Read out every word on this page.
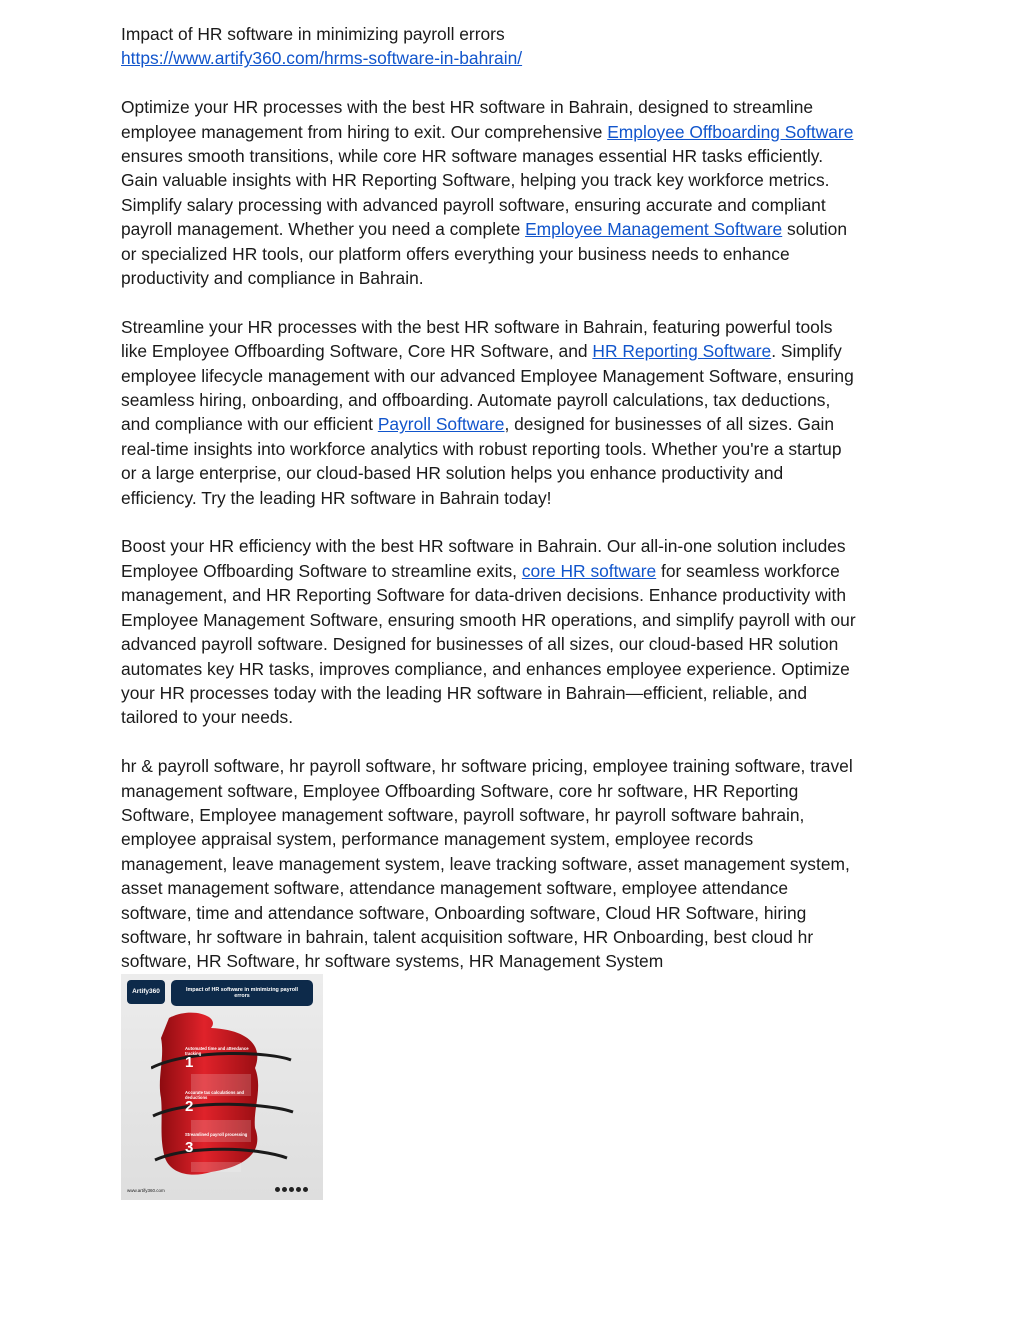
Impact of HR software in minimizing payroll errors
https://www.artify360.com/hrms-software-in-bahrain/
Optimize your HR processes with the best HR software in Bahrain, designed to streamline
employee management from hiring to exit. Our comprehensive Employee Offboarding Software
ensures smooth transitions, while core HR software manages essential HR tasks efficiently.
Gain valuable insights with HR Reporting Software, helping you track key workforce metrics.
Simplify salary processing with advanced payroll software, ensuring accurate and compliant
payroll management. Whether you need a complete Employee Management Software solution
or specialized HR tools, our platform offers everything your business needs to enhance
productivity and compliance in Bahrain.
Streamline your HR processes with the best HR software in Bahrain, featuring powerful tools
like Employee Offboarding Software, Core HR Software, and HR Reporting Software. Simplify
employee lifecycle management with our advanced Employee Management Software, ensuring
seamless hiring, onboarding, and offboarding. Automate payroll calculations, tax deductions,
and compliance with our efficient Payroll Software, designed for businesses of all sizes. Gain
real-time insights into workforce analytics with robust reporting tools. Whether you're a startup
or a large enterprise, our cloud-based HR solution helps you enhance productivity and
efficiency. Try the leading HR software in Bahrain today!
Boost your HR efficiency with the best HR software in Bahrain. Our all-in-one solution includes
Employee Offboarding Software to streamline exits, core HR software for seamless workforce
management, and HR Reporting Software for data-driven decisions. Enhance productivity with
Employee Management Software, ensuring smooth HR operations, and simplify payroll with our
advanced payroll software. Designed for businesses of all sizes, our cloud-based HR solution
automates key HR tasks, improves compliance, and enhances employee experience. Optimize
your HR processes today with the leading HR software in Bahrain—efficient, reliable, and
tailored to your needs.
hr & payroll software, hr payroll software, hr software pricing, employee training software, travel
management software, Employee Offboarding Software, core hr software, HR Reporting
Software, Employee management software, payroll software, hr payroll software bahrain,
employee appraisal system, performance management system, employee records
management, leave management system, leave tracking software, asset management system,
asset management software, attendance management software, employee attendance
software, time and attendance software, Onboarding software, Cloud HR Software, hiring
software, hr software in bahrain, talent acquisition software, HR Onboarding, best cloud hr
software, HR Software, hr software systems, HR Management System
Artify360	Impact of HR software in minimizing payroll errors
Automated time and attendance tracking
1
Accurate tax calculations and deductions
2
Streamlined payroll processing
3
www.artify360.com
